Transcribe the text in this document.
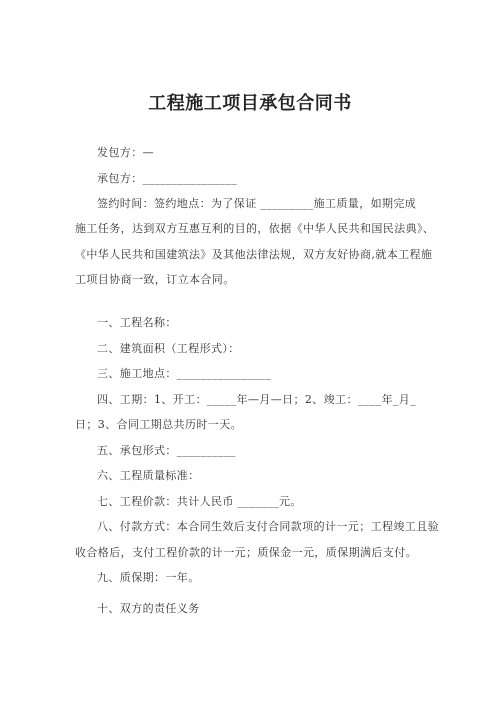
工程施工项目承包合同书
发包方：—
承包方：________________
签约时间：签约地点：为了保证 _________施工质量，如期完成
施工任务，达到双方互惠互利的目的，依据《中华人民共和国民法典》、
《中华人民共和国建筑法》及其他法律法规，双方友好协商,就本工程施
工项目协商一致，订立本合同。
一、工程名称：
二、建筑面积（工程形式）：
三、施工地点：________________
四、工期：1、开工：_____年—月—日；2、竣工：____年_月_
日；3、合同工期总共历时一天。
五、承包形式：__________
六、工程质量标准：
七、工程价款：共计人民币 _______元。
八、付款方式：本合同生效后支付合同款项的计一元；工程竣工且验
收合格后，支付工程价款的计一元；质保金一元，质保期满后支付。
九、质保期：一年。
十、双方的责任义务
